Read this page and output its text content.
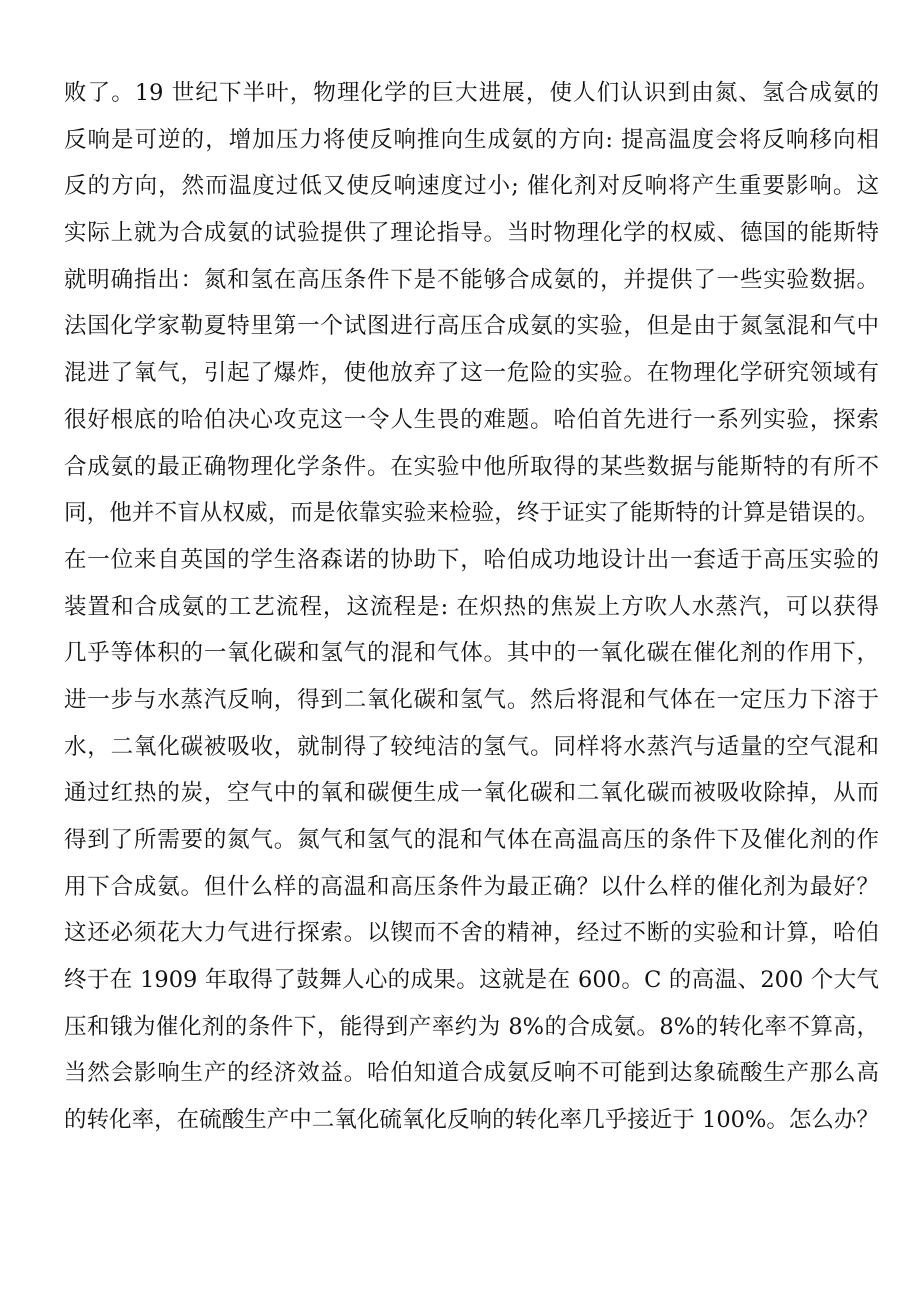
败了。19 世纪下半叶，物理化学的巨大进展，使人们认识到由氮、氢合成氨的
反响是可逆的，增加压力将使反响推向生成氨的方向: 提高温度会将反响移向相
反的方向，然而温度过低又使反响速度过小; 催化剂对反响将产生重要影响。这
实际上就为合成氨的试验提供了理论指导。当时物理化学的权威、德国的能斯特
就明确指出：氮和氢在高压条件下是不能够合成氨的，并提供了一些实验数据。
法国化学家勒夏特里第一个试图进行高压合成氨的实验，但是由于氮氢混和气中
混进了氧气，引起了爆炸，使他放弃了这一危险的实验。在物理化学研究领域有
很好根底的哈伯决心攻克这一令人生畏的难题。哈伯首先进行一系列实验，探索
合成氨的最正确物理化学条件。在实验中他所取得的某些数据与能斯特的有所不
同，他并不盲从权威，而是依靠实验来检验，终于证实了能斯特的计算是错误的。
在一位来自英国的学生洛森诺的协助下，哈伯成功地设计出一套适于高压实验的
装置和合成氨的工艺流程，这流程是: 在炽热的焦炭上方吹人水蒸汽，可以获得
几乎等体积的一氧化碳和氢气的混和气体。其中的一氧化碳在催化剂的作用下，
进一步与水蒸汽反响，得到二氧化碳和氢气。然后将混和气体在一定压力下溶于
水，二氧化碳被吸收，就制得了较纯洁的氢气。同样将水蒸汽与适量的空气混和
通过红热的炭，空气中的氧和碳便生成一氧化碳和二氧化碳而被吸收除掉，从而
得到了所需要的氮气。氮气和氢气的混和气体在高温高压的条件下及催化剂的作
用下合成氨。但什么样的高温和高压条件为最正确？以什么样的催化剂为最好？
这还必须花大力气进行探索。以锲而不舍的精神，经过不断的实验和计算，哈伯
终于在 1909 年取得了鼓舞人心的成果。这就是在 600。C 的高温、200 个大气
压和锇为催化剂的条件下，能得到产率约为 8%的合成氨。8%的转化率不算高，
当然会影响生产的经济效益。哈伯知道合成氨反响不可能到达象硫酸生产那么高
的转化率，在硫酸生产中二氧化硫氧化反响的转化率几乎接近于 100%。怎么办？
